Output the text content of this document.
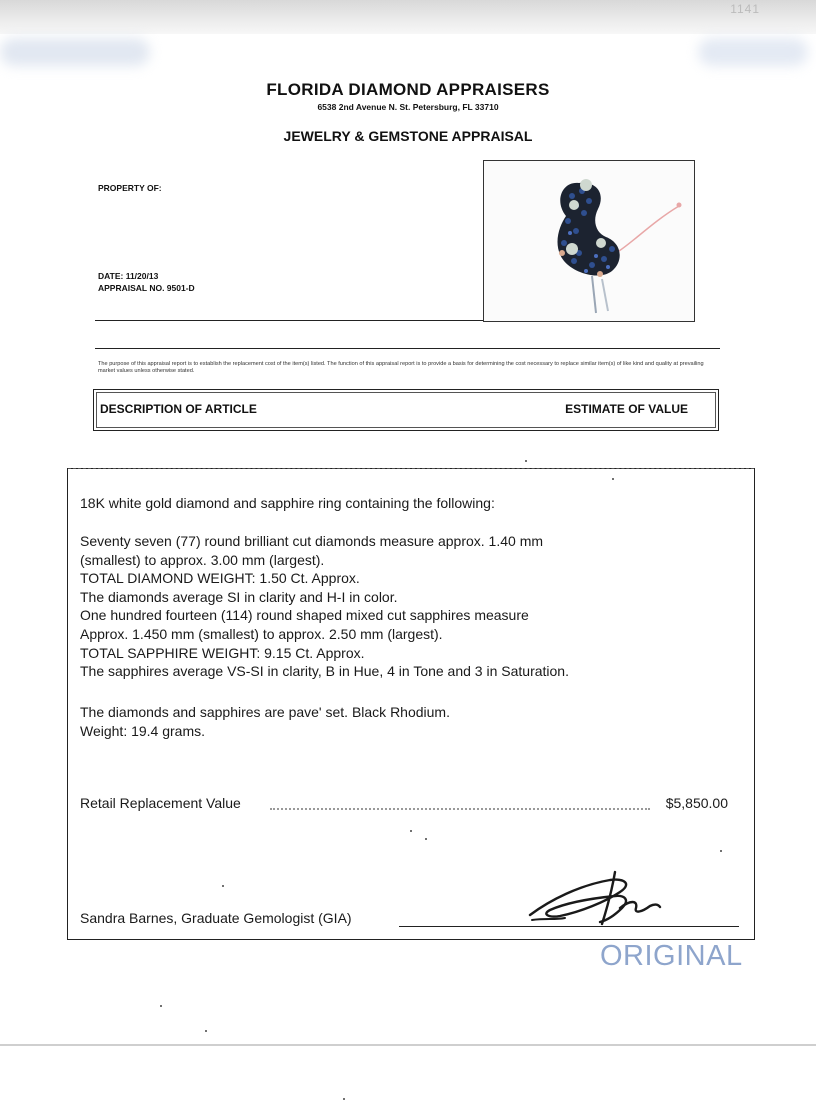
1141
FLORIDA DIAMOND APPRAISERS
6538 2nd Avenue N. St. Petersburg, FL 33710
JEWELRY & GEMSTONE APPRAISAL
PROPERTY OF:
DATE: 11/20/13
APPRAISAL NO. 9501-D
The purpose of this appraisal report is to establish the replacement cost of the item(s) listed. The function of this appraisal report is to provide a basis for determining the cost necessary to replace similar item(s) of like kind and quality at prevailing market values unless otherwise stated.
DESCRIPTION OF ARTICLE	ESTIMATE OF VALUE
18K white gold diamond and sapphire ring containing the following:
Seventy seven (77) round brilliant cut diamonds measure approx. 1.40 mm
(smallest) to approx. 3.00 mm (largest).
TOTAL DIAMOND WEIGHT: 1.50 Ct. Approx.
The diamonds average SI in clarity and H-I in color.
One hundred fourteen (114) round shaped mixed cut sapphires measure
Approx. 1.450 mm (smallest) to approx. 2.50 mm (largest).
TOTAL SAPPHIRE WEIGHT: 9.15 Ct. Approx.
The sapphires average VS-SI in clarity, B in Hue, 4 in Tone and 3 in Saturation.
The diamonds and sapphires are pave' set. Black Rhodium.
Weight: 19.4 grams.
Retail Replacement Value	$5,850.00
Sandra Barnes, Graduate Gemologist (GIA)
ORIGINAL
